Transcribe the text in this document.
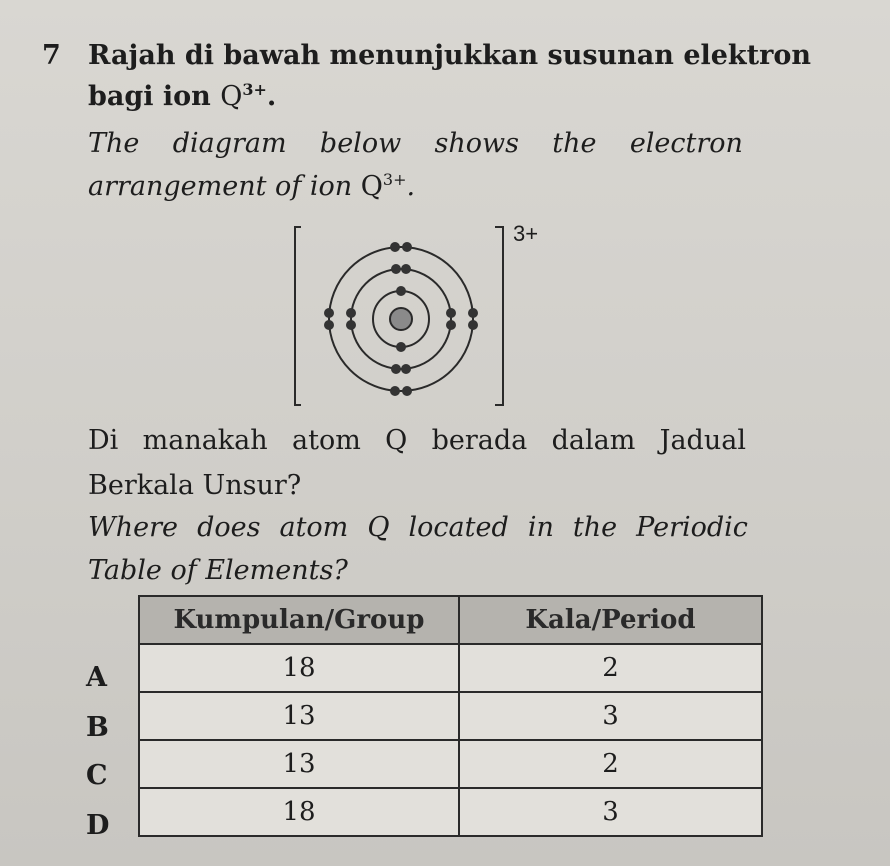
7 Rajah di bawah menunjukkan susunan elektron
bagi ion $Q^{3+}$.
The diagram below shows the electron
arrangement of ion $Q^{3+}$.
3+
Di manakah atom Q berada dalam Jadual
Berkala Unsur?
Where does atom Q located in the Periodic
Table of Elements?
A
B
C
D
Kumpulan/Group	Kala/Period
18	2
13	3
13	2
18	3
